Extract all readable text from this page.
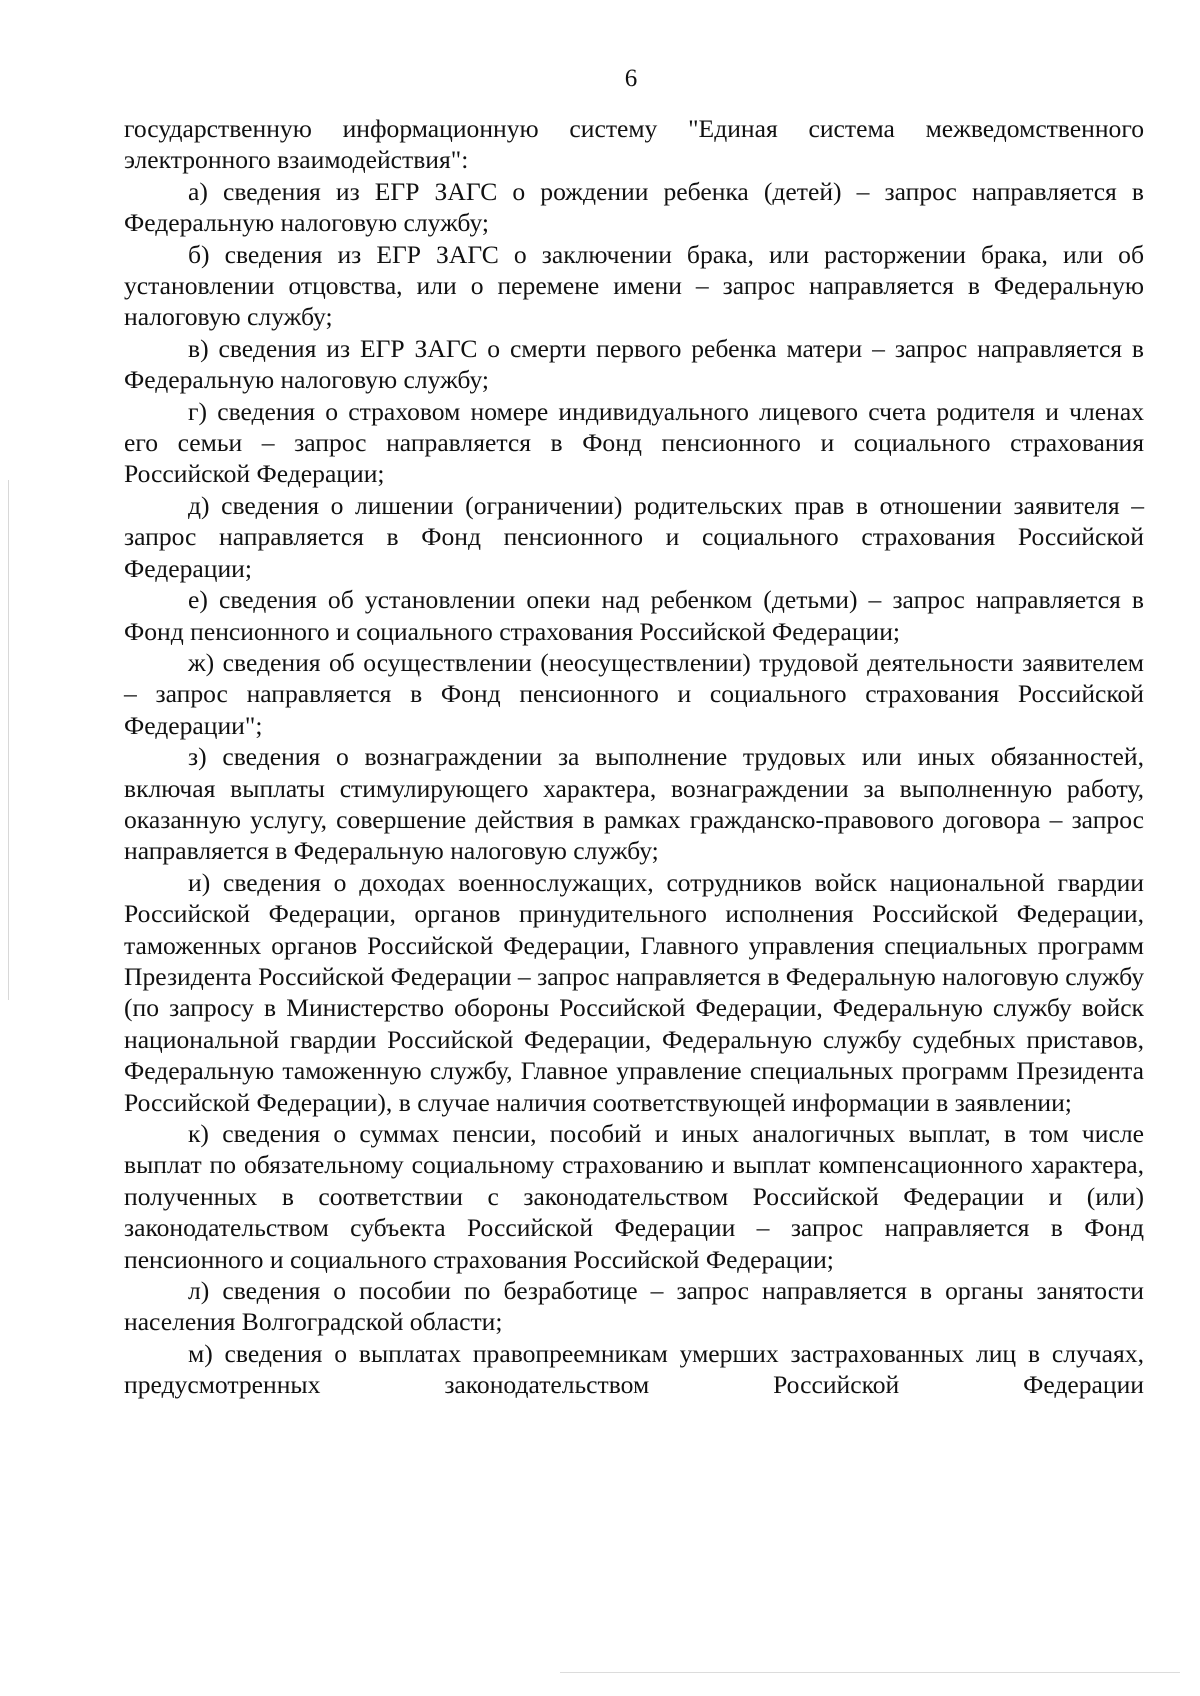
6

государственную информационную систему "Единая система межведомственного электронного взаимодействия":

а) сведения из ЕГР ЗАГС о рождении ребенка (детей) – запрос направляется в Федеральную налоговую службу;

б) сведения из ЕГР ЗАГС о заключении брака, или расторжении брака, или об установлении отцовства, или о перемене имени – запрос направляется в Федеральную налоговую службу;

в) сведения из ЕГР ЗАГС о смерти первого ребенка матери – запрос направляется в Федеральную налоговую службу;

г) сведения о страховом номере индивидуального лицевого счета родителя и членах его семьи – запрос направляется в Фонд пенсионного и социального страхования Российской Федерации;

д) сведения о лишении (ограничении) родительских прав в отношении заявителя – запрос направляется в Фонд пенсионного и социального страхования Российской Федерации;

е) сведения об установлении опеки над ребенком (детьми) – запрос направляется в Фонд пенсионного и социального страхования Российской Федерации;

ж) сведения об осуществлении (неосуществлении) трудовой деятельности заявителем – запрос направляется в Фонд пенсионного и социального страхования Российской Федерации";

з) сведения о вознаграждении за выполнение трудовых или иных обязанностей, включая выплаты стимулирующего характера, вознаграждении за выполненную работу, оказанную услугу, совершение действия в рамках гражданско-правового договора – запрос направляется в Федеральную налоговую службу;

и) сведения о доходах военнослужащих, сотрудников войск национальной гвардии Российской Федерации, органов принудительного исполнения Российской Федерации, таможенных органов Российской Федерации, Главного управления специальных программ Президента Российской Федерации – запрос направляется в Федеральную налоговую службу (по запросу в Министерство обороны Российской Федерации, Федеральную службу войск национальной гвардии Российской Федерации, Федеральную службу судебных приставов, Федеральную таможенную службу, Главное управление специальных программ Президента Российской Федерации), в случае наличия соответствующей информации в заявлении;

к) сведения о суммах пенсии, пособий и иных аналогичных выплат, в том числе выплат по обязательному социальному страхованию и выплат компенсационного характера, полученных в соответствии с законодательством Российской Федерации и (или) законодательством субъекта Российской Федерации – запрос направляется в Фонд пенсионного и социального страхования Российской Федерации;

л) сведения о пособии по безработице – запрос направляется в органы занятости населения Волгоградской области;

м) сведения о выплатах правопреемникам умерших застрахованных лиц в случаях, предусмотренных законодательством Российской Федерации
